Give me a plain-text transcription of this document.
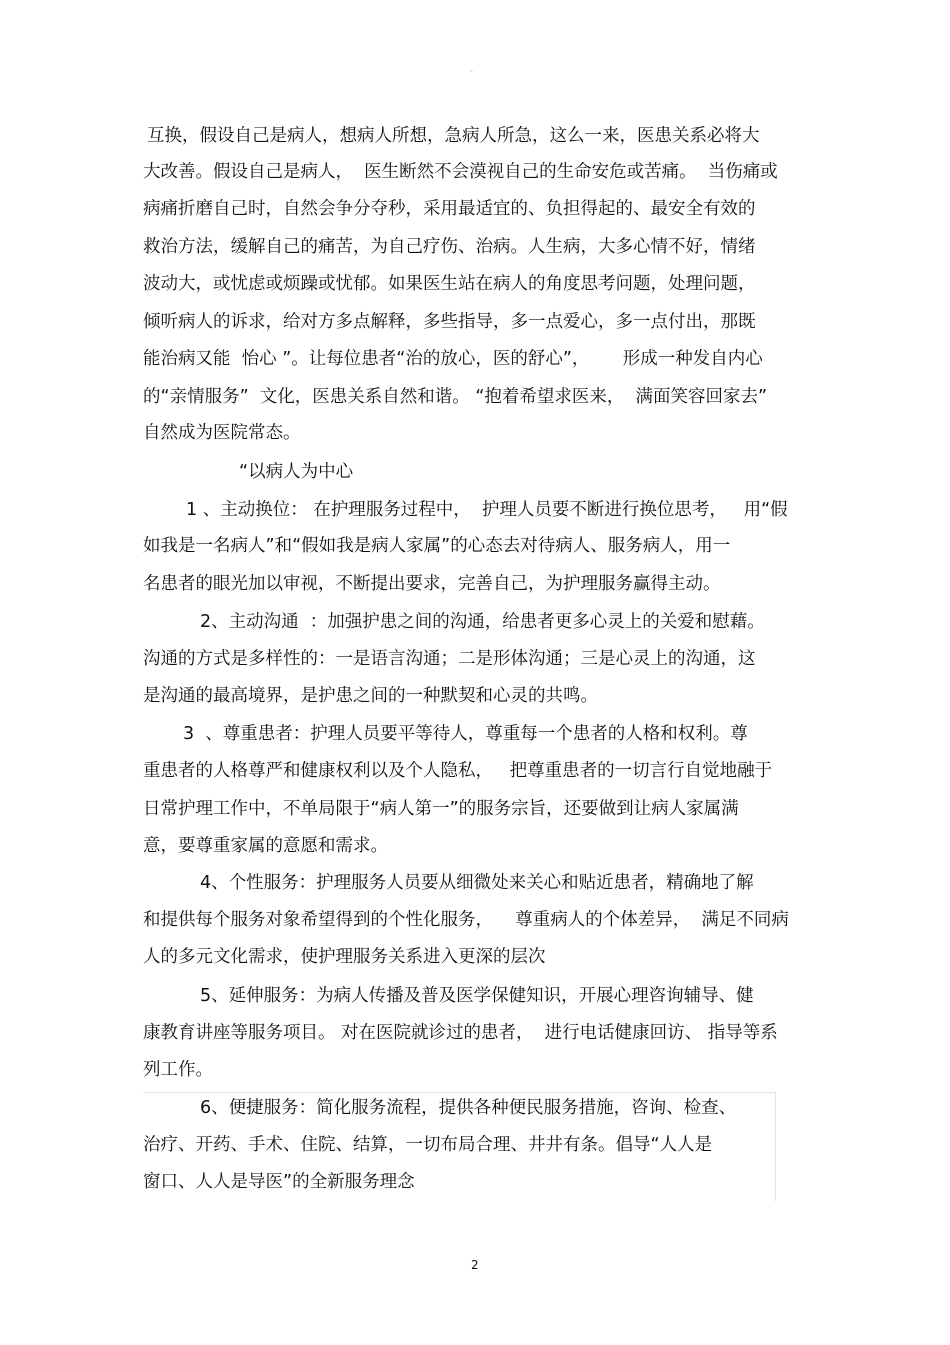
-
互换，假设自己是病人，想病人所想，急病人所急，这么一来，医患关系必将大
大改善。假设自己是病人，  医生断然不会漠视自己的生命安危或苦痛。  当伤痛或
病痛折磨自己时，自然会争分夺秒，采用最适宜的、负担得起的、最安全有效的
救治方法，缓解自己的痛苦，为自己疗伤、治病。人生病，大多心情不好，情绪
波动大，或忧虑或烦躁或忧郁。如果医生站在病人的角度思考问题，处理问题，
倾听病人的诉求，给对方多点解释，多些指导，多一点爱心，多一点付出，那既
能治病又能  怡心 ”。让每位患者“治的放心，医的舒心”，      形成一种发自内心
的“亲情服务”  文化，医患关系自然和谐。 “抱着希望求医来，  满面笑容回家去”
自然成为医院常态。
“以病人为中心
1 、主动换位： 在护理服务过程中，  护理人员要不断进行换位思考，   用“假
如我是一名病人”和“假如我是病人家属”的心态去对待病人、服务病人，用一
名患者的眼光加以审视，不断提出要求，完善自己，为护理服务赢得主动。
2、主动沟通  ：加强护患之间的沟通，给患者更多心灵上的关爱和慰藉。
沟通的方式是多样性的：一是语言沟通；二是形体沟通；三是心灵上的沟通，这
是沟通的最高境界，是护患之间的一种默契和心灵的共鸣。
3  、尊重患者：护理人员要平等待人，尊重每一个患者的人格和权利。尊
重患者的人格尊严和健康权利以及个人隐私，   把尊重患者的一切言行自觉地融于
日常护理工作中，不单局限于“病人第一”的服务宗旨，还要做到让病人家属满
意，要尊重家属的意愿和需求。
4、个性服务：护理服务人员要从细微处来关心和贴近患者，精确地了解
和提供每个服务对象希望得到的个性化服务，    尊重病人的个体差异，  满足不同病
人的多元文化需求，使护理服务关系进入更深的层次
5、延伸服务：为病人传播及普及医学保健知识，开展心理咨询辅导、健
康教育讲座等服务项目。 对在医院就诊过的患者，  进行电话健康回访、 指导等系
列工作。
6、便捷服务：简化服务流程，提供各种便民服务措施，咨询、检查、
治疗、开药、手术、住院、结算，一切布局合理、井井有条。倡导“人人是
窗口、人人是导医”的全新服务理念
2
